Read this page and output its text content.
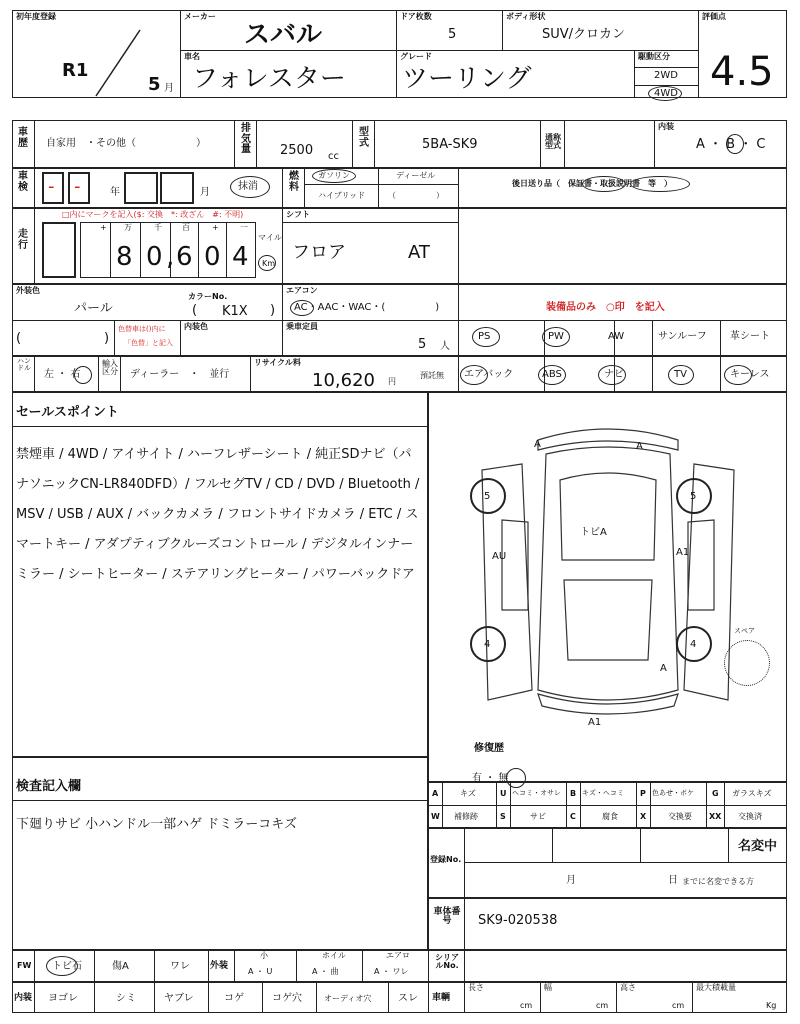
初年度登録
R1
5 月
メーカー
スバル
ドア枚数
5
ボディ形状
SUV/クロカン
評価点
4.5
車名
フォレスター
グレード
ツーリング
駆動区分
2WD
4WD
車歴 自家用　・その他（　　　　　　）
排気量 2500 cc
型式	5BA-SK9	通称型式
内装
A ・ B ・ C
車検 - -	年	月
抹消
燃料
ガソリン	ディーゼル
ハイブリッド	（　　　　　）
後日送り品（　保証書・取扱説明書　等　）
走行
□内にマークを記入($: 交換　*: 改ざん　#: 不明)
+ 万	千	百	+	一
8 0 , 6 0 4
マイル
Km
シフト
フロア	AT
外装色
パール
カラーNo.
( K1X )
(	)
色替車は()内に
「色替」と記入
内装色
エアコン
AC・AAC・WAC・(　　　　　)
乗車定員
5 人
装備品のみ　○印　を記入
PS	PW	AW	サンルーフ 革シート
ハンドル
左 ・ 右
輸入区分 ディーラー　・　並行
リサイクル料
10,620 円
預託無 エアバック	ABS	ナビ	TV	キーレス
セールスポイント
禁煙車 / 4WD / アイサイト / ハーフレザーシート / 純正SDナビ（パナソニックCN-LR840DFD）/ フルセグTV / CD / DVD / Bluetooth / MSV / USB / AUX / バックカメラ / フロントサイドカメラ / ETC / スマートキー / アダプティブクルーズコントロール / デジタルインナーミラー / シートヒーター / ステアリングヒーター / パワーバックドア
スペア
A	A
5	5
トビA
AU	A1
4	4
A
A1
修復歴
有 ・ 無
検査記入欄
下廻りサビ 小ハンドル一部ハゲ ドミラーコキズ
A	キズ	U ヘコミ・オサレ B キズ・ヘコミ P 色あせ・ボケ G ガラスキズ
W 補修跡	S	サビ	C	腐食	X	交換要 XX 交換済
登録No.
名変中
月	日 までに名変できる方
車体番号	SK9-020538
FW トビ石	傷A	ワレ 外装
小	ホイル	エアロ
A ・ U	A ・ 曲	A ・ ワレ
シリアルNo.
内装 ヨゴレ	シミ	ヤブレ	コゲ	コゲ穴	オーディオ穴	スレ 車輌
長さ
cm
幅
cm
高さ
cm
最大積載量
Kg
